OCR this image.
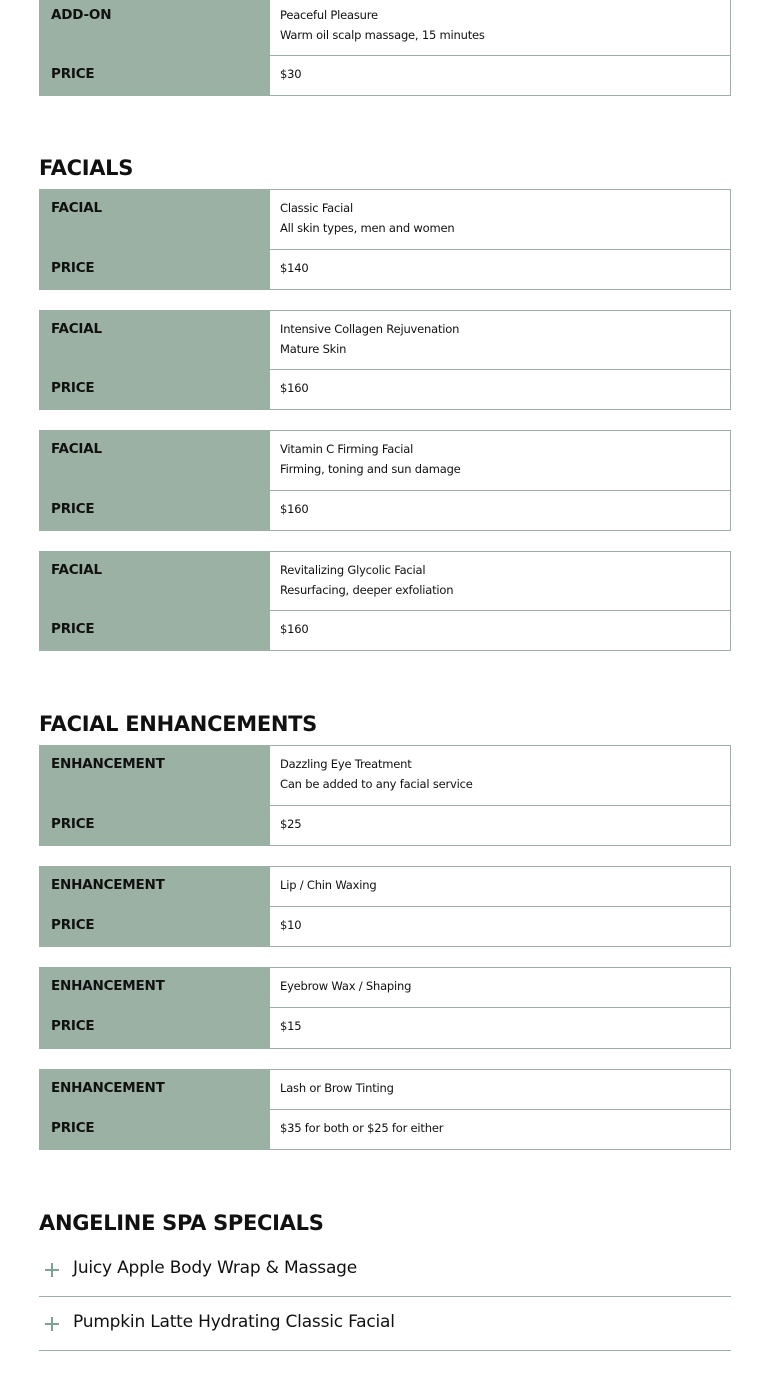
ADD-ON	Peaceful Pleasure
Warm oil scalp massage, 15 minutes

PRICE	$30
FACIALS
FACIAL	Classic Facial
All skin types, men and women

PRICE	$140
FACIAL	Intensive Collagen Rejuvenation
Mature Skin

PRICE	$160
FACIAL	Vitamin C Firming Facial
Firming, toning and sun damage

PRICE	$160
FACIAL	Revitalizing Glycolic Facial
Resurfacing, deeper exfoliation

PRICE	$160
FACIAL ENHANCEMENTS
ENHANCEMENT	Dazzling Eye Treatment
Can be added to any facial service

PRICE	$25
ENHANCEMENT	Lip / Chin Waxing

PRICE	$10
ENHANCEMENT	Eyebrow Wax / Shaping

PRICE	$15
ENHANCEMENT	Lash or Brow Tinting

PRICE	$35 for both or $25 for either
ANGELINE SPA SPECIALS
Juicy Apple Body Wrap & Massage
Pumpkin Latte Hydrating Classic Facial
